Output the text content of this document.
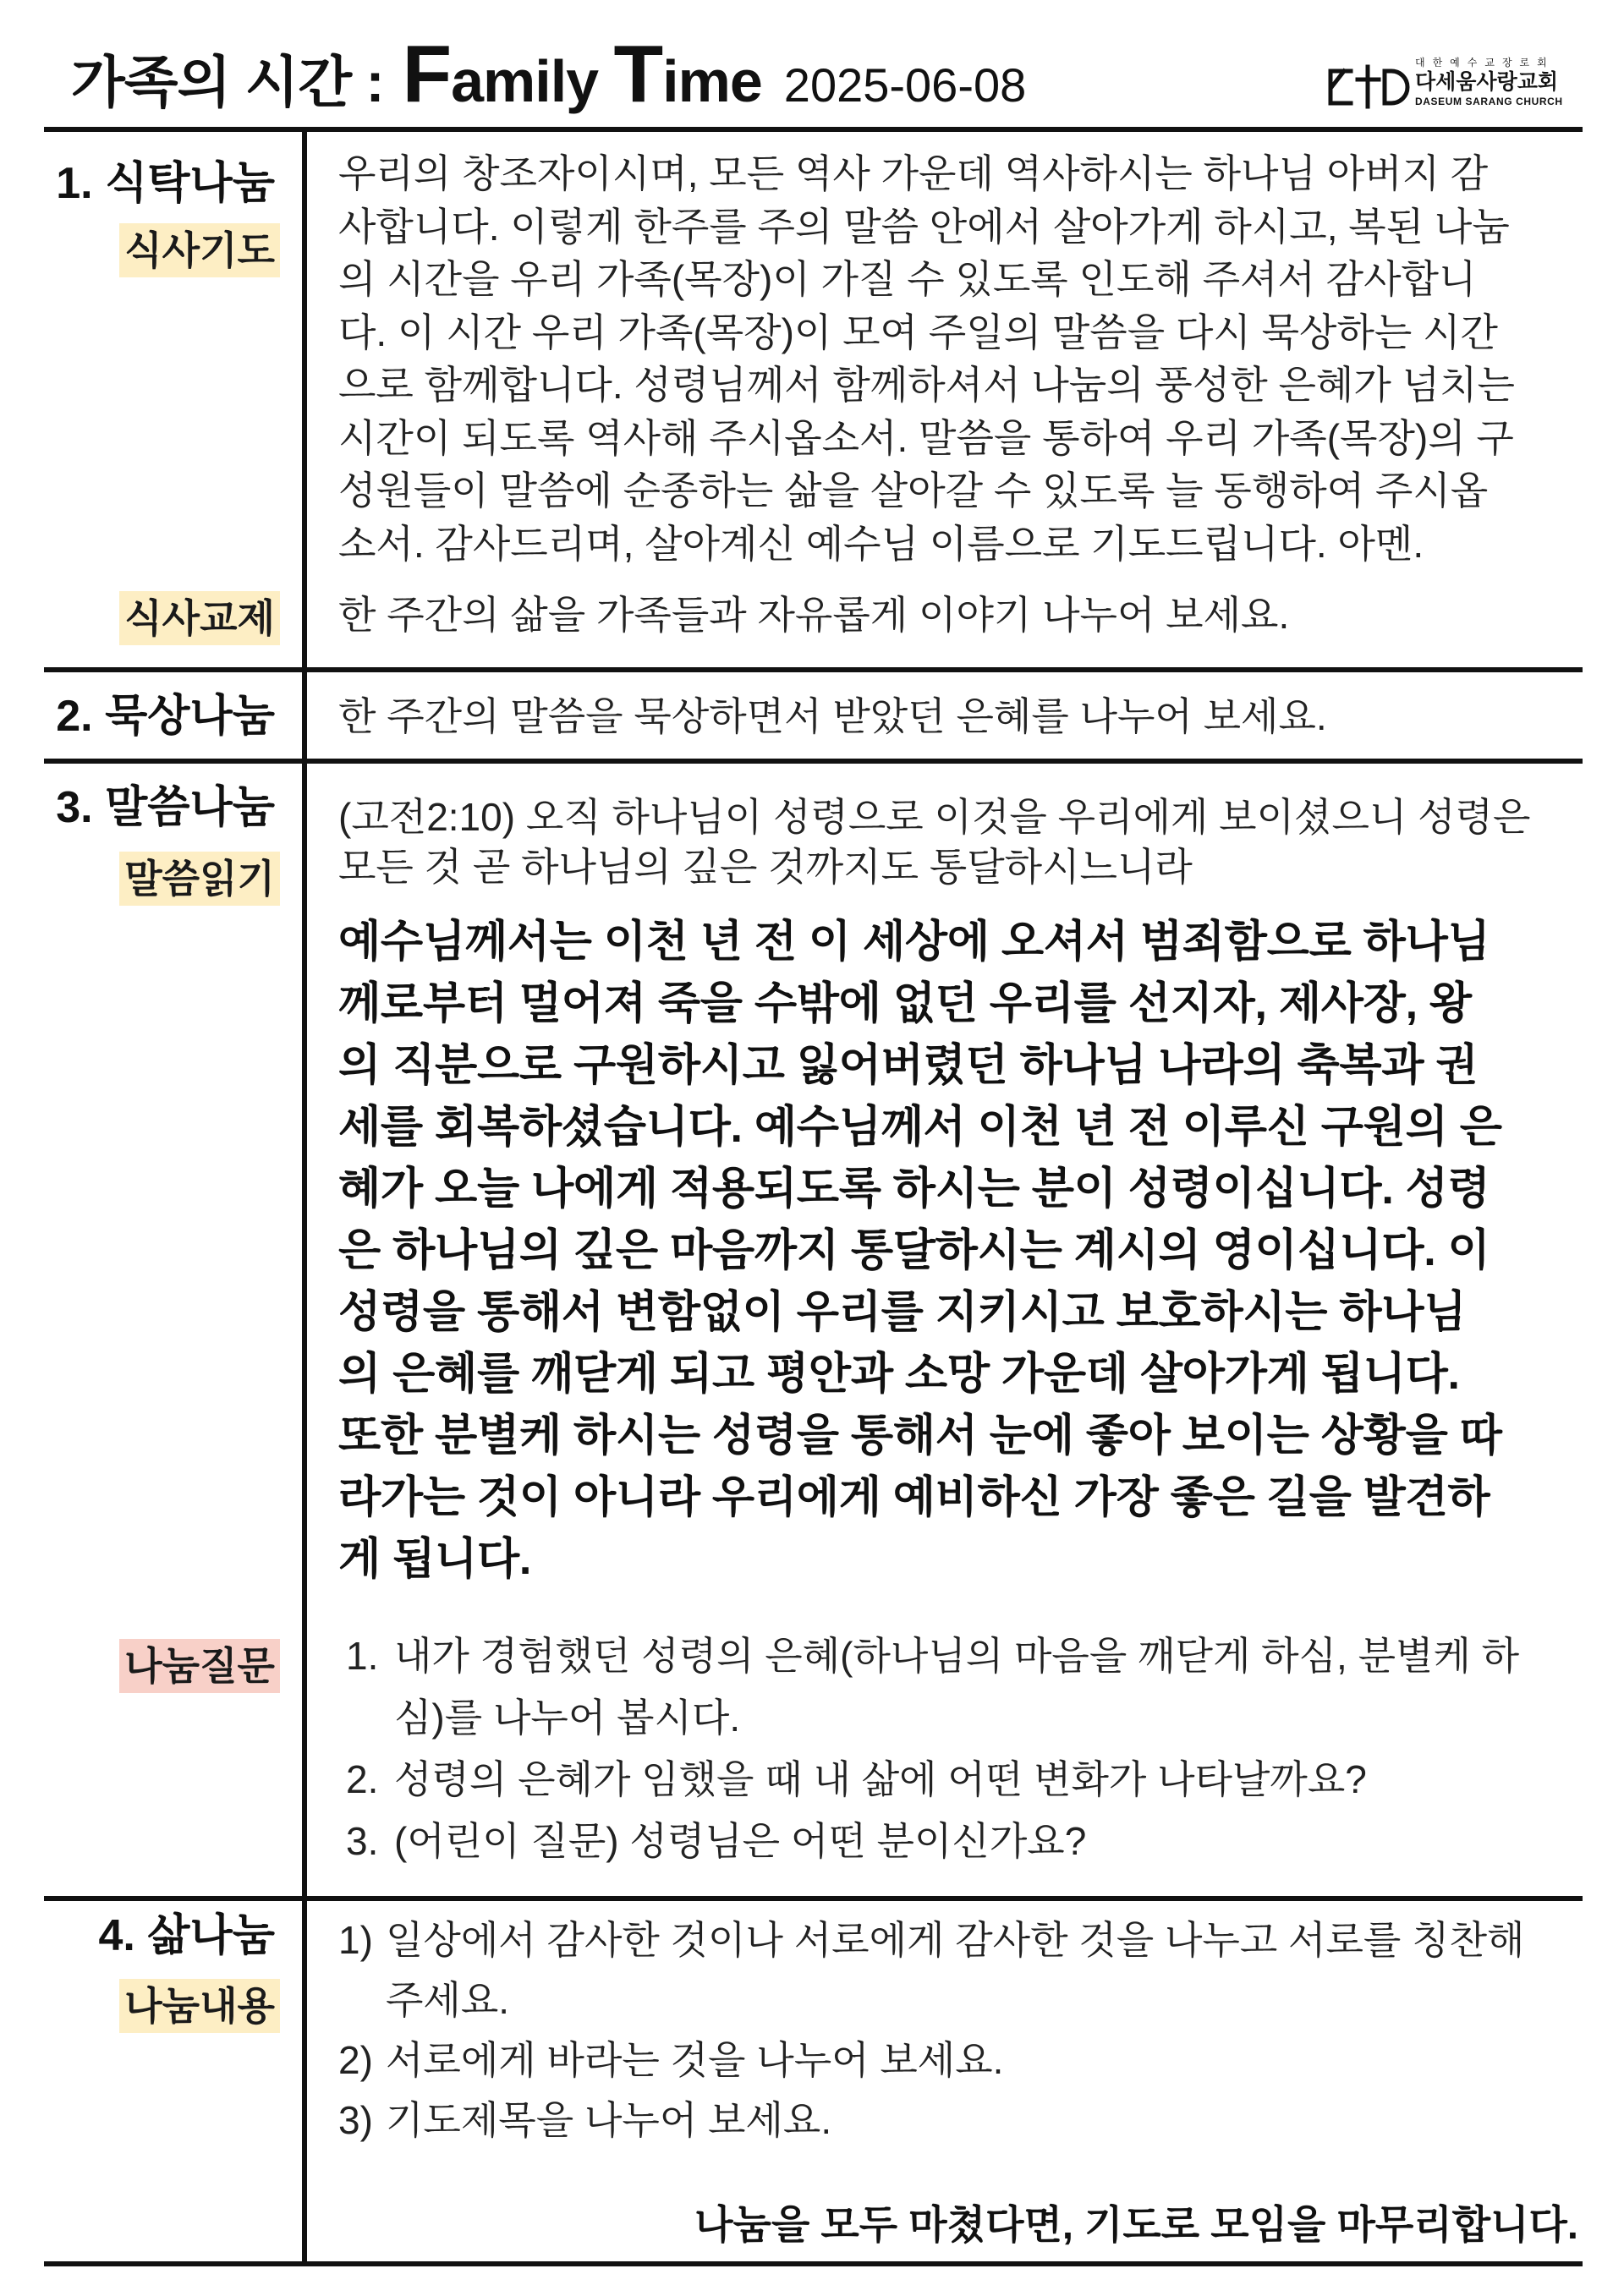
가족의 시간 : Family Time 2025-06-08	대한예수교장로회
다세움사랑교회
DASEUM SARANG CHURCH
1. 식탁나눔
식사기도
우리의 창조자이시며, 모든 역사 가운데 역사하시는 하나님 아버지 감
사합니다. 이렇게 한주를 주의 말씀 안에서 살아가게 하시고, 복된 나눔
의 시간을 우리 가족(목장)이 가질 수 있도록 인도해 주셔서 감사합니
다. 이 시간 우리 가족(목장)이 모여 주일의 말씀을 다시 묵상하는 시간
으로 함께합니다. 성령님께서 함께하셔서 나눔의 풍성한 은혜가 넘치는
시간이 되도록 역사해 주시옵소서. 말씀을 통하여 우리 가족(목장)의 구
성원들이 말씀에 순종하는 삶을 살아갈 수 있도록 늘 동행하여 주시옵
소서. 감사드리며, 살아계신 예수님 이름으로 기도드립니다. 아멘.
식사교제 한 주간의 삶을 가족들과 자유롭게 이야기 나누어 보세요.
2. 묵상나눔 한 주간의 말씀을 묵상하면서 받았던 은혜를 나누어 보세요.
3. 말씀나눔
말씀읽기
(고전2:10) 오직 하나님이 성령으로 이것을 우리에게 보이셨으니 성령은
모든 것 곧 하나님의 깊은 것까지도 통달하시느니라
예수님께서는 이천 년 전 이 세상에 오셔서 범죄함으로 하나님
께로부터 멀어져 죽을 수밖에 없던 우리를 선지자, 제사장, 왕
의 직분으로 구원하시고 잃어버렸던 하나님 나라의 축복과 권
세를 회복하셨습니다. 예수님께서 이천 년 전 이루신 구원의 은
혜가 오늘 나에게 적용되도록 하시는 분이 성령이십니다. 성령
은 하나님의 깊은 마음까지 통달하시는 계시의 영이십니다. 이
성령을 통해서 변함없이 우리를 지키시고 보호하시는 하나님
의 은혜를 깨닫게 되고 평안과 소망 가운데 살아가게 됩니다.
또한 분별케 하시는 성령을 통해서 눈에 좋아 보이는 상황을 따
라가는 것이 아니라 우리에게 예비하신 가장 좋은 길을 발견하
게 됩니다.
나눔질문 1. 내가 경험했던 성령의 은혜(하나님의 마음을 깨닫게 하심, 분별케 하
심)를 나누어 봅시다.
2. 성령의 은혜가 임했을 때 내 삶에 어떤 변화가 나타날까요?
3. (어린이 질문) 성령님은 어떤 분이신가요?
4. 삶나눔
나눔내용
1) 일상에서 감사한 것이나 서로에게 감사한 것을 나누고 서로를 칭찬해
주세요.
2) 서로에게 바라는 것을 나누어 보세요.
3) 기도제목을 나누어 보세요.
나눔을 모두 마쳤다면, 기도로 모임을 마무리합니다.
